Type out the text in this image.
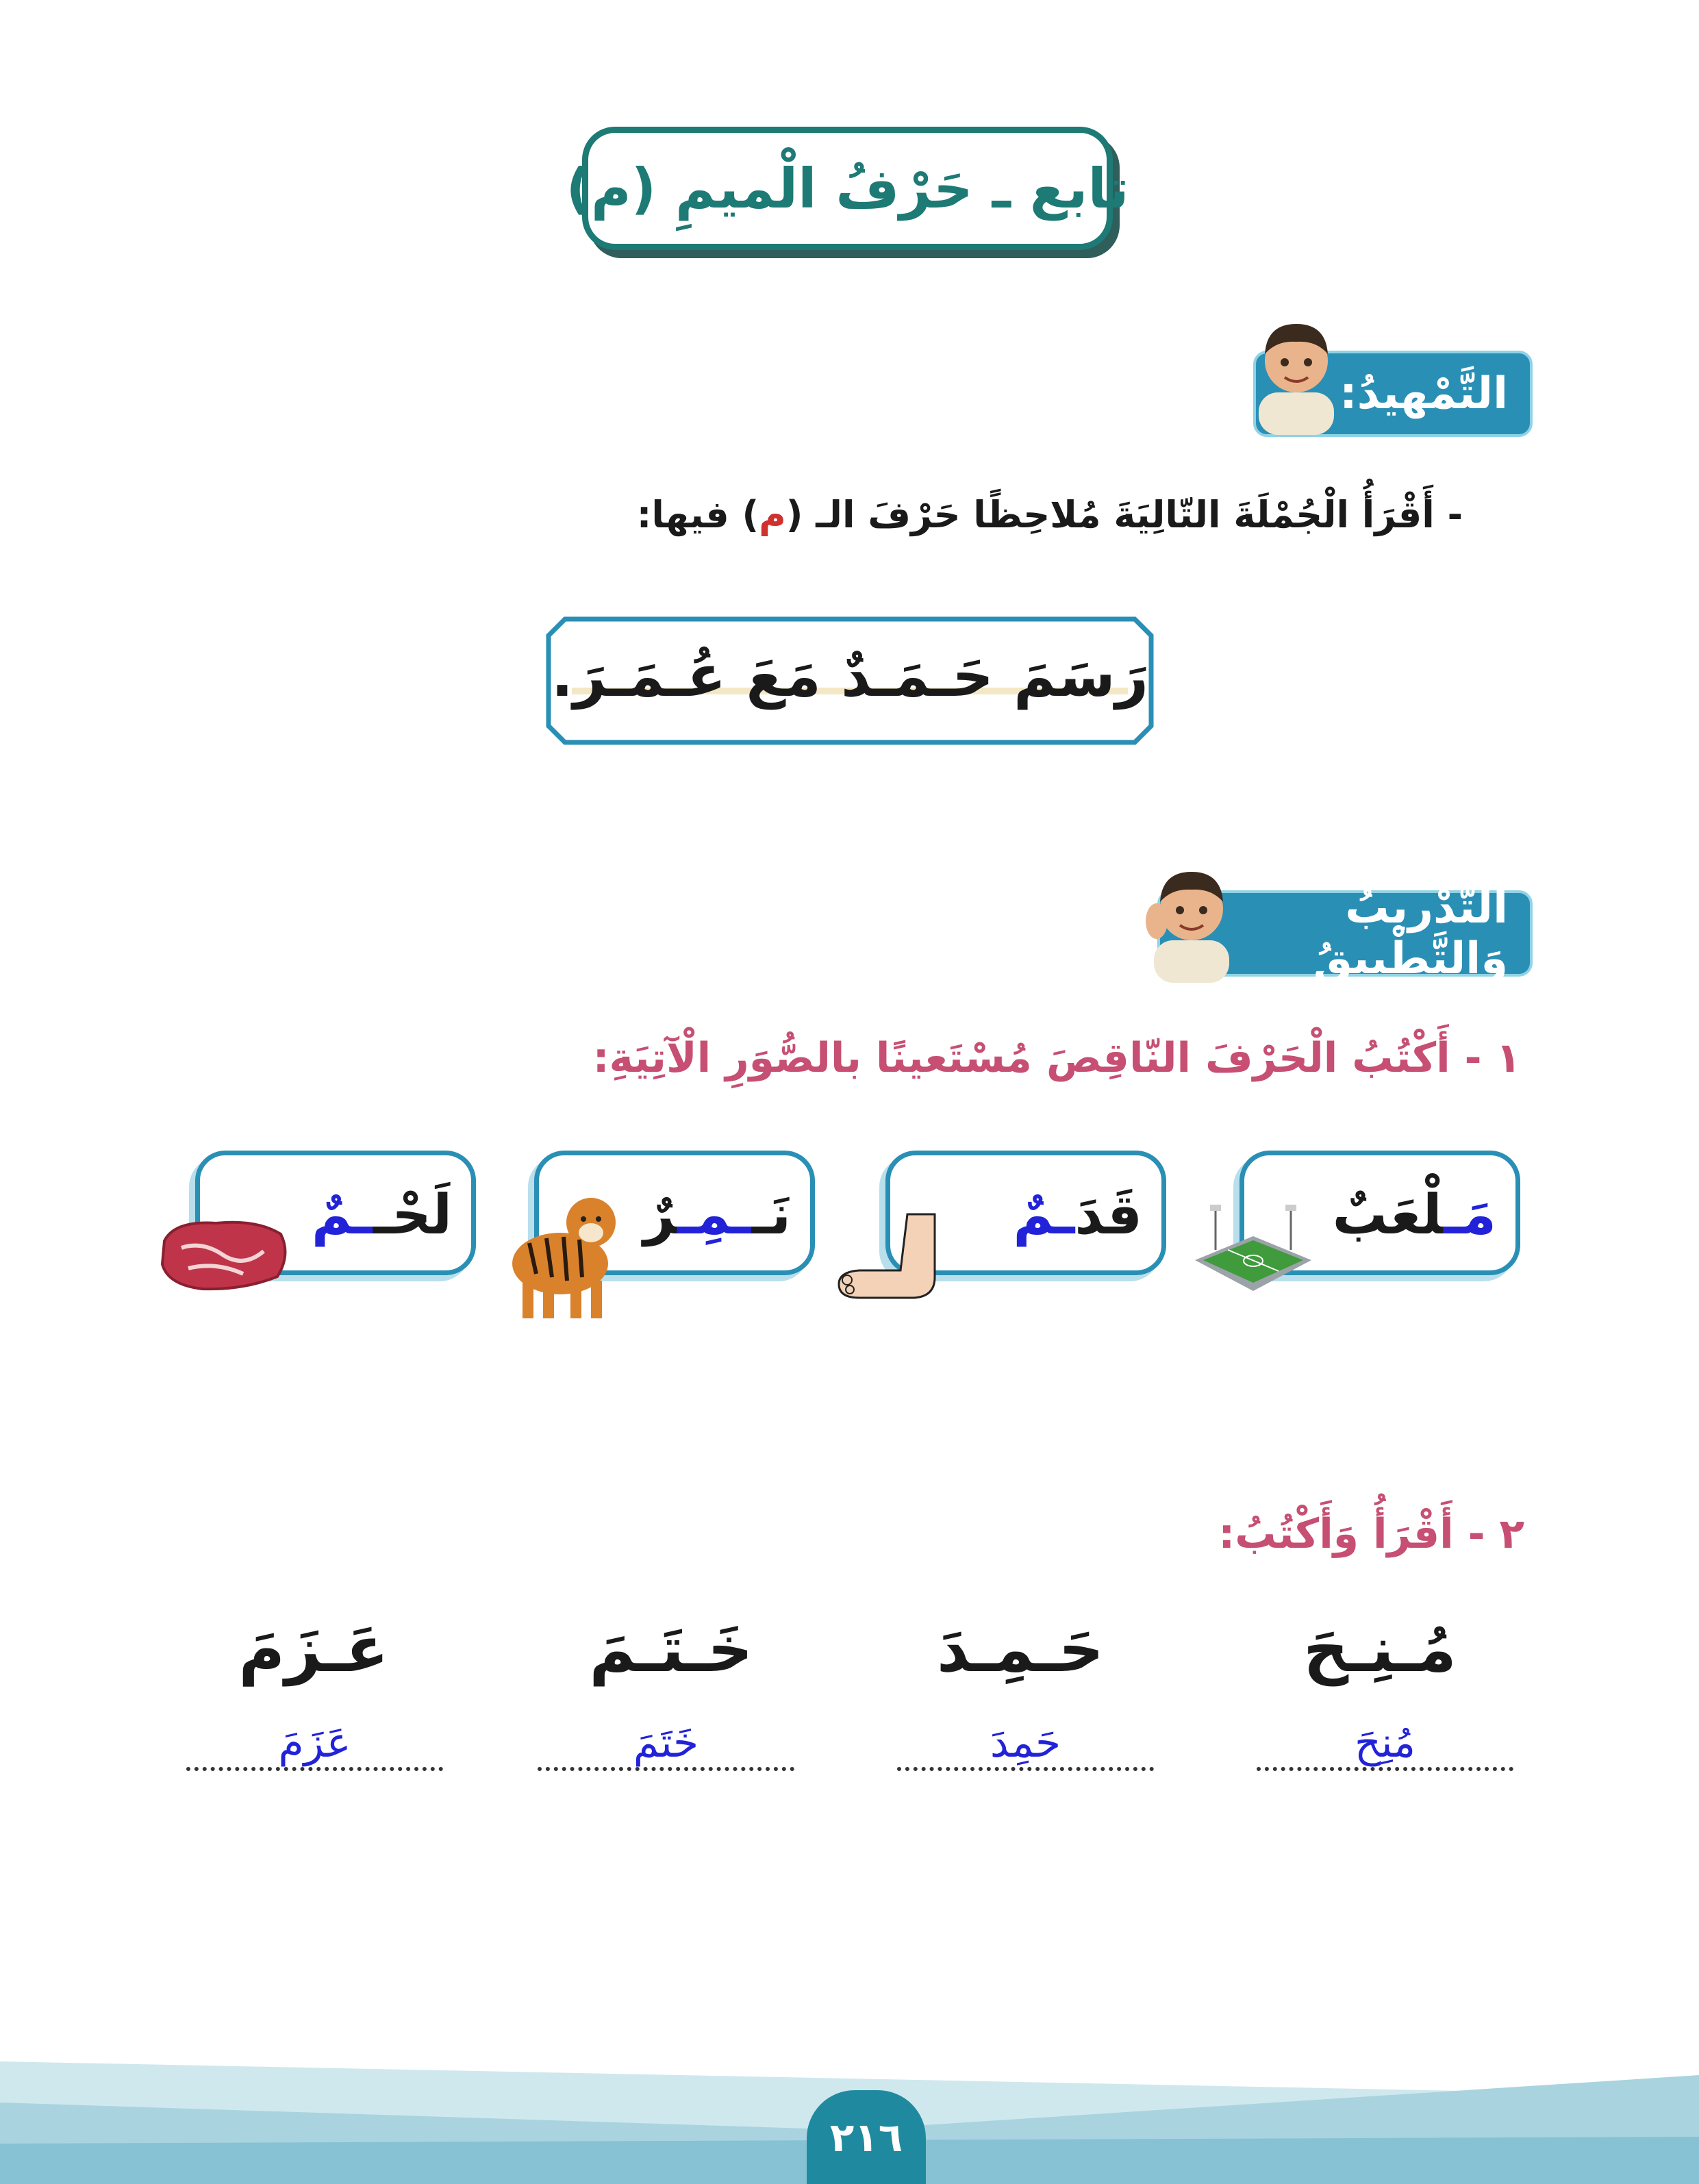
تابع ـ حَرْفُ الْميمِ (م)
التَّمْهيدُ:
- أَقْرَأُ الْجُمْلَةَ التّالِيَةَ مُلاحِظًا حَرْفَ الـ (م) فيها:
رَسَمَ حَـمَـدٌ مَعَ عُـمَـرَ.
التَّدْريبُ وَالتَّطْبيقُ
١ - أَكْتُبُ الْحَرْفَ النّاقِصَ مُسْتَعينًا بالصُّوَرِ الْآتِيَةِ:
مَـلْعَبٌ
قَدَـمٌ
نَــمِـرٌ
لَحْــمٌ
٢ - أَقْرَأُ وَأَكْتُبُ:
مُـنِـحَ
حَـمِـدَ
خَـتَـمَ
عَـزَمَ
مُنِحَ
حَمِدَ
خَتَمَ
عَزَمَ
٢١٦
